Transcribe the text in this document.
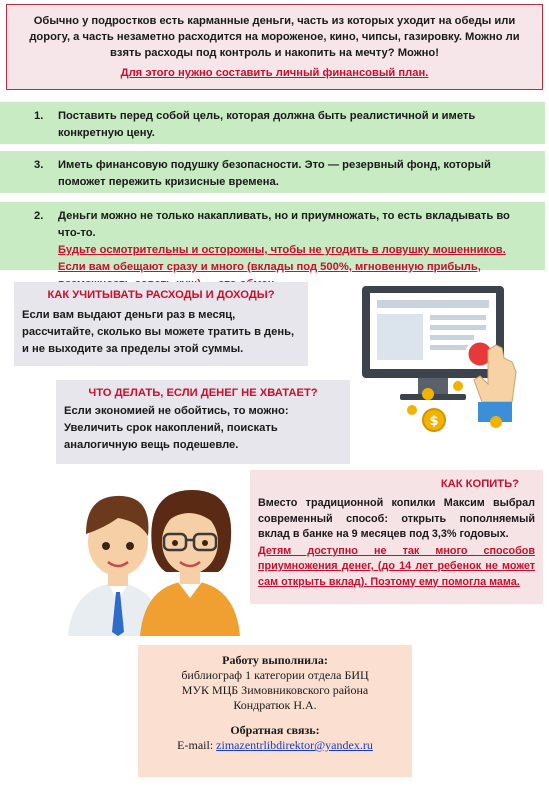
Обычно у подростков есть карманные деньги, часть из которых уходит на обеды или дорогу, а часть незаметно расходится на мороженое, кино, чипсы, газировку. Можно ли взять расходы под контроль и накопить на мечту? Можно!
Для этого нужно составить личный финансовый план.
1. Поставить перед собой цель, которая должна быть реалистичной и иметь конкретную цену.
3. Иметь финансовую подушку безопасности. Это — резервный фонд, который поможет пережить кризисные времена.
2. Деньги можно не только накапливать, но и приумножать, то есть вкладывать во что-то.
Будьте осмотрительны и осторожны, чтобы не угодить в ловушку мошенников.
Если вам обещают сразу и много (вклады под 500%, мгновенную прибыль,
КАК УЧИТЫВАТЬ РАСХОДЫ И ДОХОДЫ?
Если вам выдают деньги раз в месяц, рассчитайте, сколько вы можете тратить в день, и не выходите за пределы этой суммы.
$
ЧТО ДЕЛАТЬ, ЕСЛИ ДЕНЕГ НЕ ХВАТАЕТ?
Если экономией не обойтись, то можно:
Увеличить срок накоплений, поискать аналогичную вещь подешевле.
КАК КОПИТЬ?
Вместо традиционной копилки Максим выбрал современный способ: открыть пополняемый вклад в банке на 9 месяцев под 3,3% годовых.
Детям доступно не так много способов приумножения денег, (до 14 лет ребенок не может сам открыть вклад). Поэтому ему помогла мама.
Работу выполнила:
библиограф 1 категории отдела БИЦ
МУК МЦБ Зимовниковского района
Кондратюк Н.А.
Обратная связь:
E-mail: zimazentrlibdirektor@yandex.ru
